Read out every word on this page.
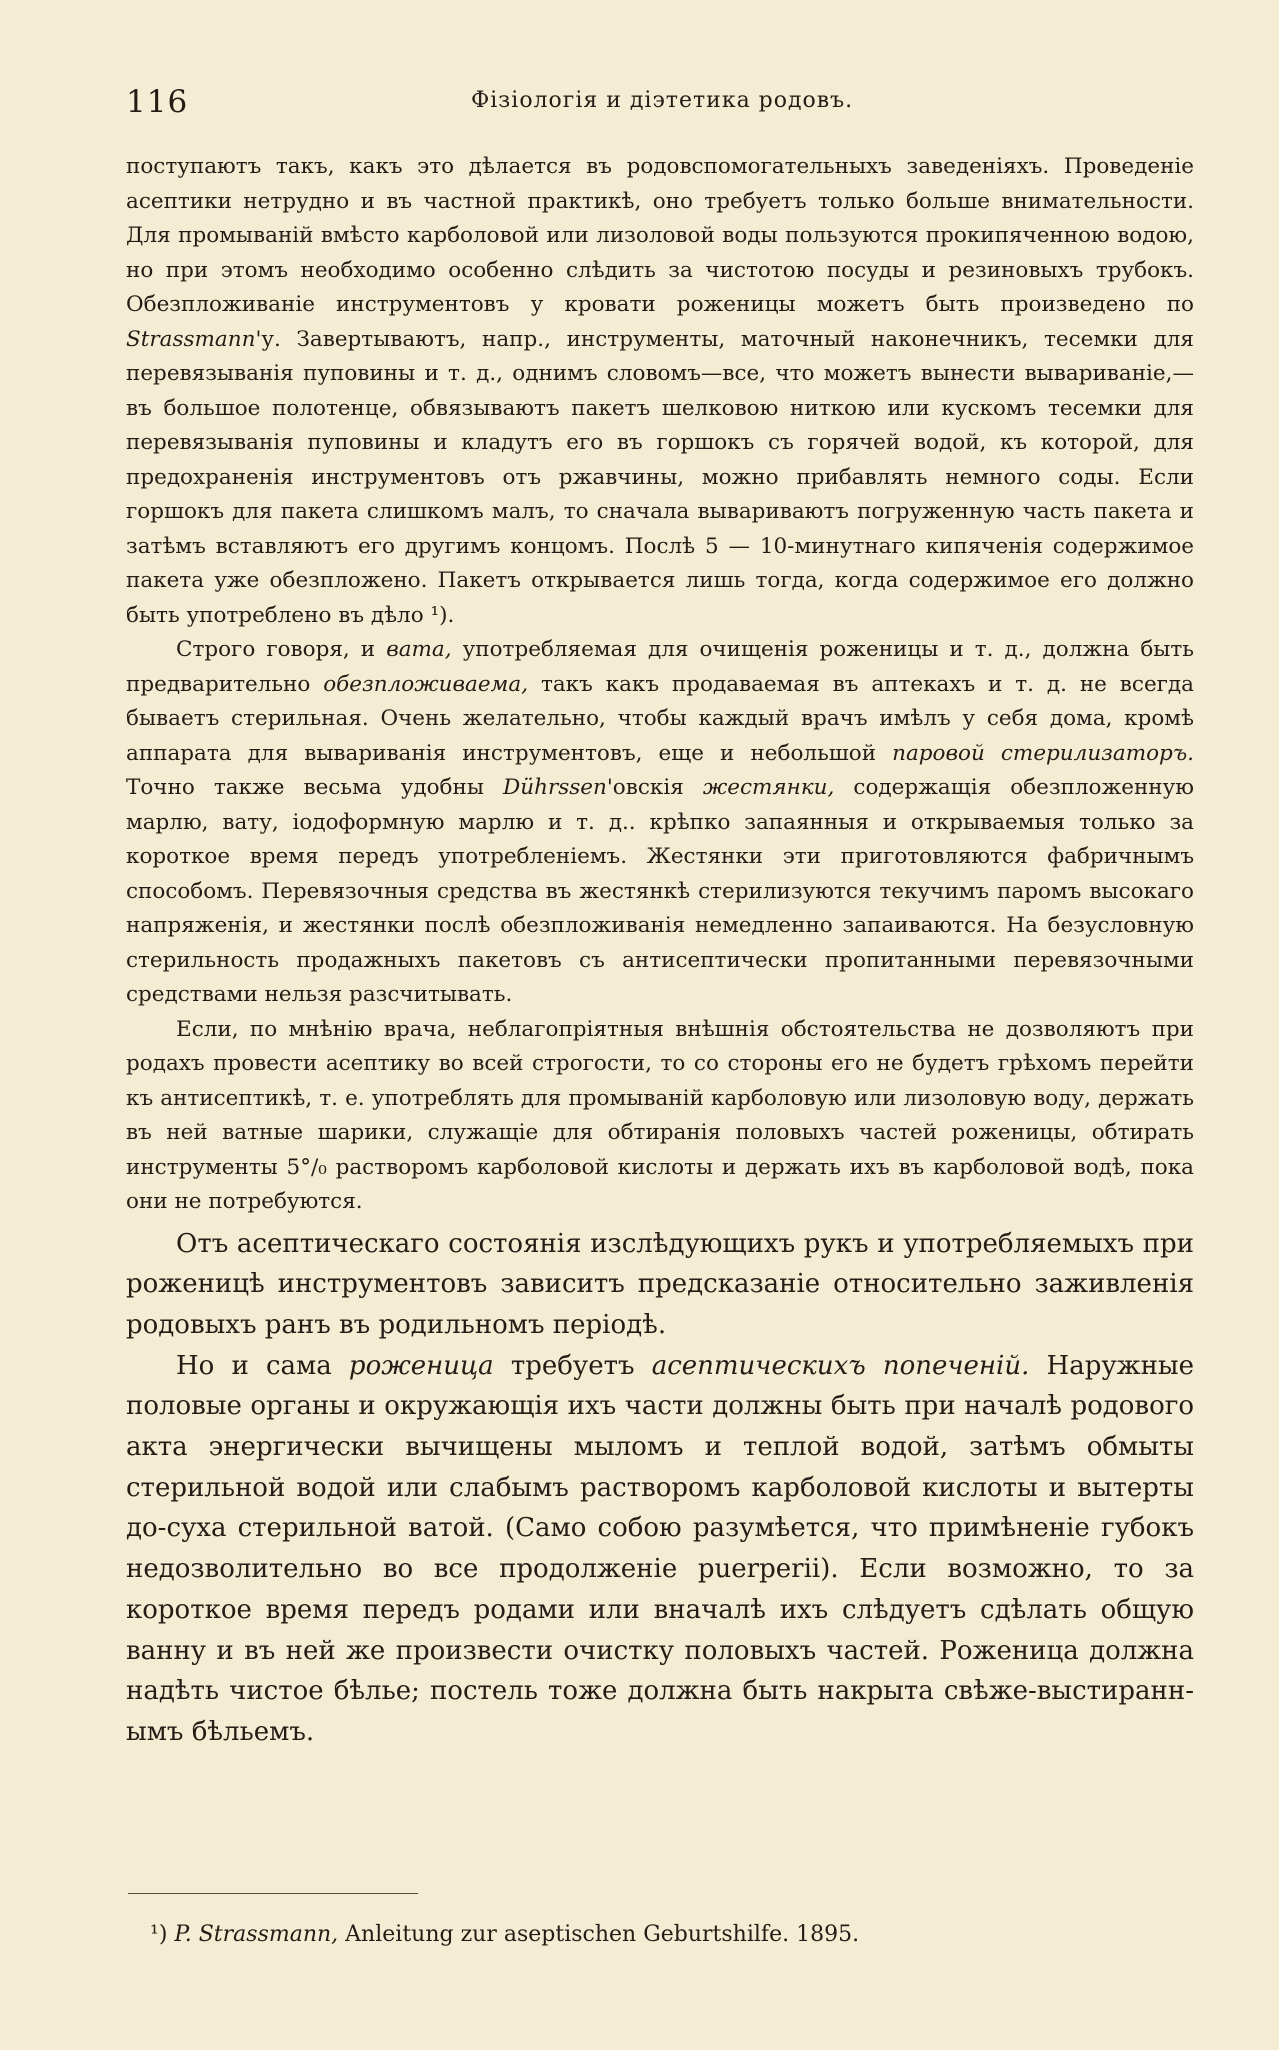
116	Фізіологія и діэтетика родовъ.

поступаютъ такъ, какъ это дѣлается въ родовспомогательныхъ заведеніяхъ. Проведеніе асептики нетрудно и въ частной практикѣ, оно требуетъ только больше внимательности. Для промываній вмѣсто карболовой или лизоловой воды пользуются прокипяченною водою, но при этомъ необходимо особенно слѣдить за чистотою посуды и резиновыхъ трубокъ. Обезпложиваніе инструментовъ у кровати роженицы можетъ быть произведено по Strassmann'у. Завертываютъ, напр., инструменты, маточный наконечникъ, тесемки для перевязыванія пуповины и т. д., однимъ словомъ—все, что можетъ вынести вывариваніе,—въ большое полотенце, обвязываютъ пакетъ шелковою ниткою или кускомъ тесемки для перевязыванія пуповины и кладутъ его въ горшокъ съ горячей водой, къ которой, для предохраненія инструментовъ отъ ржавчины, можно прибавлять немного соды. Если горшокъ для пакета слишкомъ малъ, то сначала вывариваютъ погруженную часть пакета и затѣмъ вставляютъ его другимъ концомъ. Послѣ 5 — 10-минутнаго кипяченія содержимое пакета уже обезпложено. Пакетъ открывается лишь тогда, когда содержимое его должно быть употреблено въ дѣло ¹).

Строго говоря, и вата, употребляемая для очищенія роженицы и т. д., должна быть предварительно обезпложиваема, такъ какъ продаваемая въ аптекахъ и т. д. не всегда бываетъ стерильная. Очень желательно, чтобы каждый врачъ имѣлъ у себя дома, кромѣ аппарата для вывариванія инструментовъ, еще и небольшой паровой стерилизаторъ. Точно также весьма удобны Dührssen'овскія жестянки, содержащія обезпложенную марлю, вату, іодоформную марлю и т. д.. крѣпко запаянныя и открываемыя только за короткое время передъ употребленіемъ. Жестянки эти приготовляются фабричнымъ способомъ. Перевязочныя средства въ жестянкѣ стерилизуются текучимъ паромъ высокаго напряженія, и жестянки послѣ обезпложиванія немедленно запаиваются. На безусловную стерильность продажныхъ пакетовъ съ антисептически пропитанными перевязочными средствами нельзя разсчитывать.

Если, по мнѣнію врача, неблагопріятныя внѣшнія обстоятельства не дозволяютъ при родахъ провести асептику во всей строгости, то со стороны его не будетъ грѣхомъ перейти къ антисептикѣ, т. е. употреблять для промываній карболовую или лизоловую воду, держать въ ней ватные шарики, служащіе для обтиранія половыхъ частей роженицы, обтирать инструменты 5°/₀ растворомъ карболовой кислоты и держать ихъ въ карболовой водѣ, пока они не потребуются.

Отъ асептическаго состоянія изслѣдующихъ рукъ и употребляемыхъ при роженицѣ инструментовъ зависитъ предсказаніе относительно заживленія родовыхъ ранъ въ родильномъ періодѣ.

Но и сама роженица требуетъ асептическихъ попеченій. Наружные половые органы и окружающія ихъ части должны быть при началѣ родового акта энергически вычищены мыломъ и теплой водой, затѣмъ обмыты стерильной водой или слабымъ растворомъ карболовой кислоты и вытерты до-суха стерильной ватой. (Само собою разумѣется, что примѣненіе губокъ недозволительно во все продолженіе puerperii). Если возможно, то за короткое время передъ родами или вначалѣ ихъ слѣдуетъ сдѣлать общую ванну и въ ней же произвести очистку половыхъ частей. Роженица должна надѣть чистое бѣлье; постель тоже должна быть накрыта свѣже-выстираннымъ бѣльемъ.

¹) P. Strassmann, Anleitung zur aseptischen Geburtshilfe. 1895.
